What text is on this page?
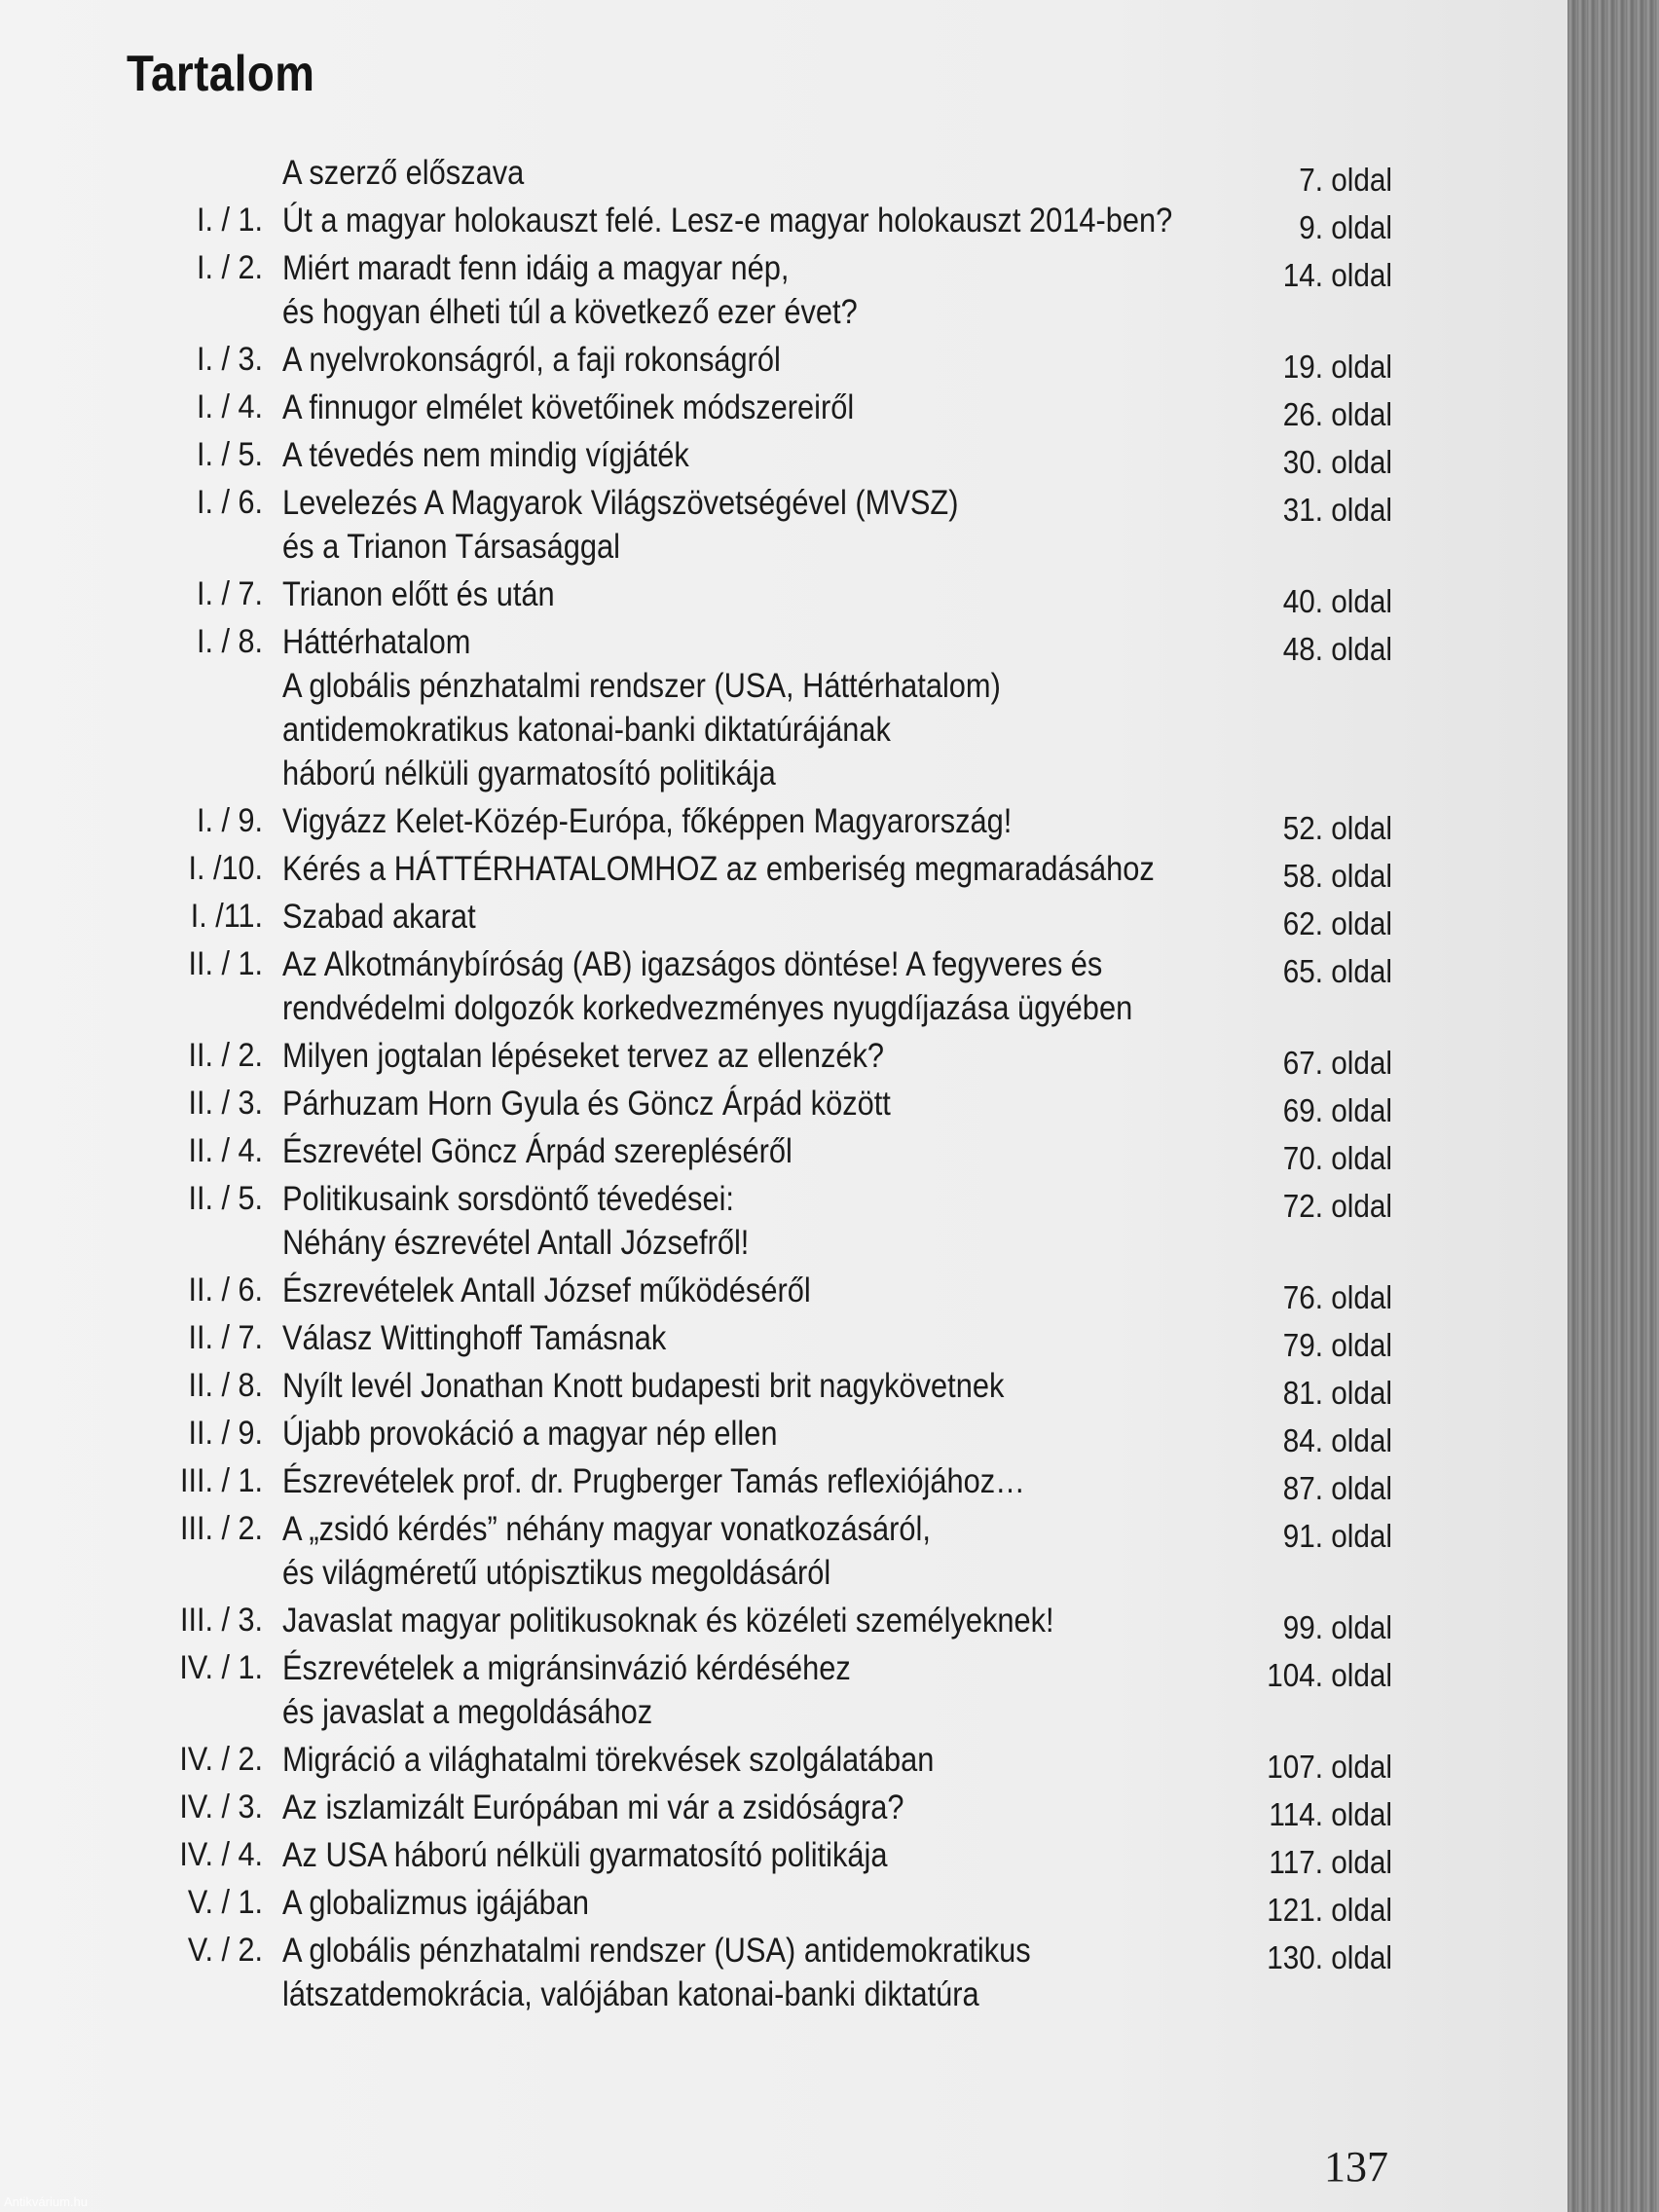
Tartalom
A szerző előszava	7. oldal
I. / 1. Út a magyar holokauszt felé. Lesz-e magyar holokauszt 2014-ben?	9. oldal
I. / 2. Miért maradt fenn idáig a magyar nép,
és hogyan élheti túl a következő ezer évet?
14. oldal
I. / 3. A nyelvrokonságról, a faji rokonságról	19. oldal
I. / 4. A finnugor elmélet követőinek módszereiről	26. oldal
I. / 5. A tévedés nem mindig vígjáték	30. oldal
I. / 6. Levelezés A Magyarok Világszövetségével (MVSZ)
és a Trianon Társasággal
31. oldal
I. / 7. Trianon előtt és után	40. oldal
I. / 8. Háttérhatalom
A globális pénzhatalmi rendszer (USA, Háttérhatalom)
antidemokratikus katonai-banki diktatúrájának
háború nélküli gyarmatosító politikája
48. oldal
I. / 9. Vigyázz Kelet-Közép-Európa, főképpen Magyarország!	52. oldal
I. /10. Kérés a HÁTTÉRHATALOMHOZ az emberiség megmaradásához	58. oldal
I. /11. Szabad akarat	62. oldal
II. / 1. Az Alkotmánybíróság (AB) igazságos döntése! A fegyveres és
rendvédelmi dolgozók korkedvezményes nyugdíjazása ügyében
65. oldal
II. / 2. Milyen jogtalan lépéseket tervez az ellenzék?	67. oldal
II. / 3. Párhuzam Horn Gyula és Göncz Árpád között	69. oldal
II. / 4. Észrevétel Göncz Árpád szerepléséről	70. oldal
II. / 5. Politikusaink sorsdöntő tévedései:
Néhány észrevétel Antall Józsefről!
72. oldal
II. / 6. Észrevételek Antall József működéséről	76. oldal
II. / 7. Válasz Wittinghoff Tamásnak	79. oldal
II. / 8. Nyílt levél Jonathan Knott budapesti brit nagykövetnek	81. oldal
II. / 9. Újabb provokáció a magyar nép ellen	84. oldal
III. / 1. Észrevételek prof. dr. Prugberger Tamás reflexiójához…	87. oldal
III. / 2. A „zsidó kérdés” néhány magyar vonatkozásáról,
és világméretű utópisztikus megoldásáról
91. oldal
III. / 3. Javaslat magyar politikusoknak és közéleti személyeknek!	99. oldal
IV. / 1. Észrevételek a migránsinvázió kérdéséhez
és javaslat a megoldásához
104. oldal
IV. / 2. Migráció a világhatalmi törekvések szolgálatában	107. oldal
IV. / 3. Az iszlamizált Európában mi vár a zsidóságra?	114. oldal
IV. / 4. Az USA háború nélküli gyarmatosító politikája	117. oldal
V. / 1. A globalizmus igájában	121. oldal
V. / 2. A globális pénzhatalmi rendszer (USA) antidemokratikus
látszatdemokrácia, valójában katonai-banki diktatúra
130. oldal
137
Antikvárium.hu
